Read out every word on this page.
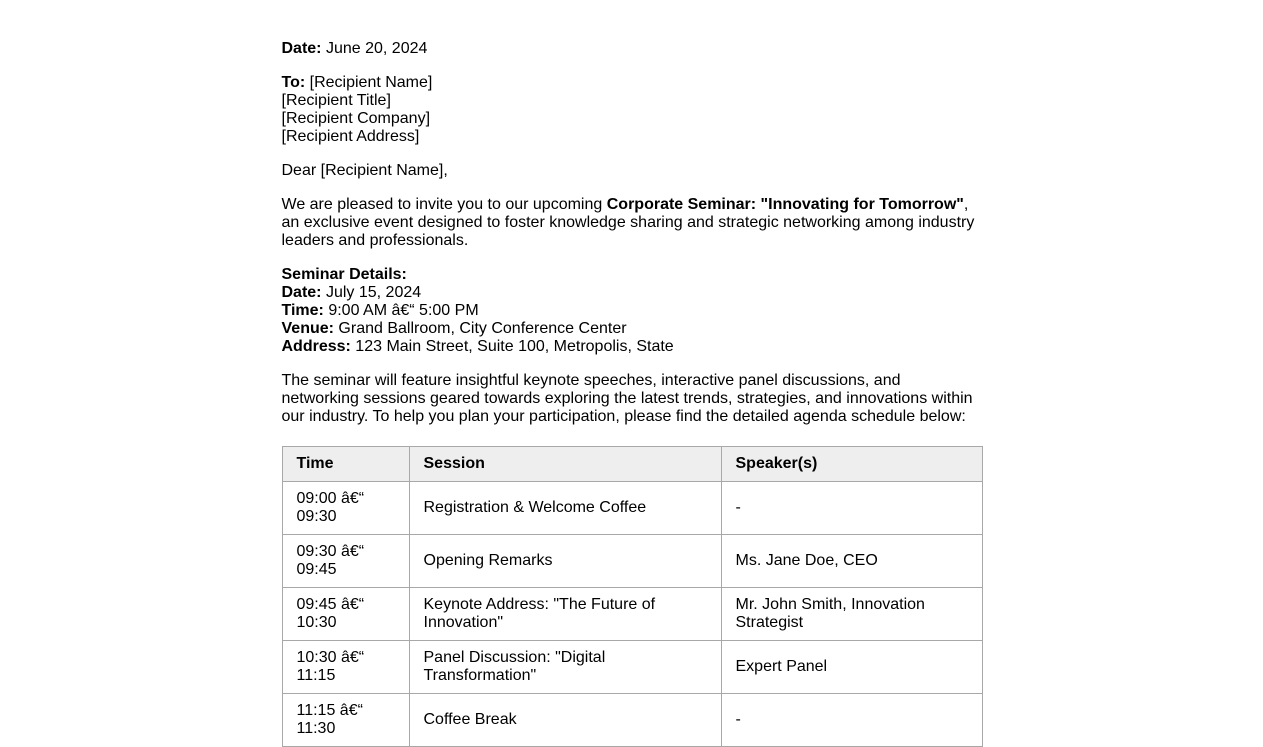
Date: June 20, 2024

To: [Recipient Name]
[Recipient Title]
[Recipient Company]
[Recipient Address]

Dear [Recipient Name],

We are pleased to invite you to our upcoming Corporate Seminar: "Innovating for Tomorrow", an exclusive event designed to foster knowledge sharing and strategic networking among industry leaders and professionals.

Seminar Details:
Date: July 15, 2024
Time: 9:00 AM â€“ 5:00 PM
Venue: Grand Ballroom, City Conference Center
Address: 123 Main Street, Suite 100, Metropolis, State

The seminar will feature insightful keynote speeches, interactive panel discussions, and networking sessions geared towards exploring the latest trends, strategies, and innovations within our industry. To help you plan your participation, please find the detailed agenda schedule below:

Time	Session	Speaker(s)
09:00 â€“ 09:30	Registration & Welcome Coffee	-
09:30 â€“ 09:45	Opening Remarks	Ms. Jane Doe, CEO
09:45 â€“ 10:30	Keynote Address: "The Future of Innovation"	Mr. John Smith, Innovation Strategist
10:30 â€“ 11:15	Panel Discussion: "Digital Transformation"	Expert Panel
11:15 â€“ 11:30	Coffee Break	-
